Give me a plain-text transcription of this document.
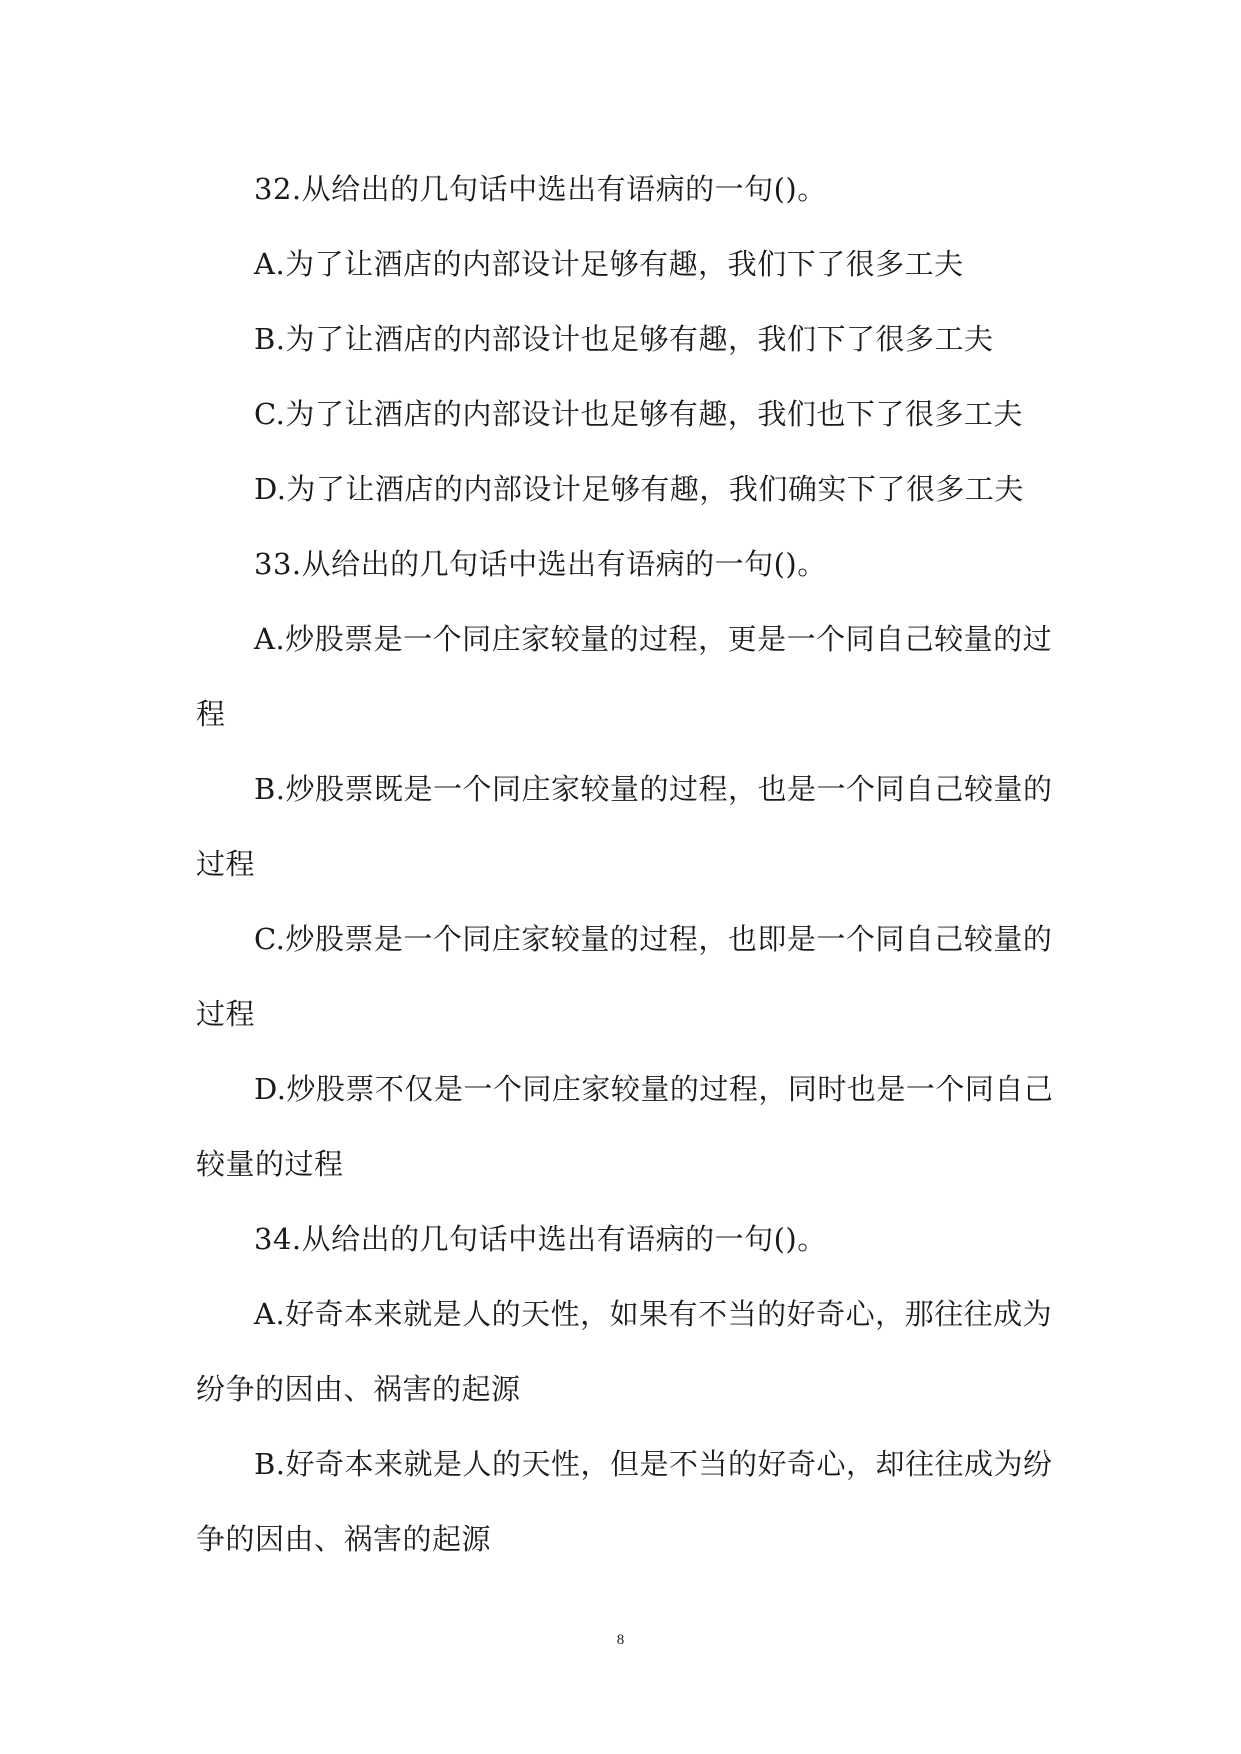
32.从给出的几句话中选出有语病的一句()。

A.为了让酒店的内部设计足够有趣，我们下了很多工夫

B.为了让酒店的内部设计也足够有趣，我们下了很多工夫

C.为了让酒店的内部设计也足够有趣，我们也下了很多工夫

D.为了让酒店的内部设计足够有趣，我们确实下了很多工夫

33.从给出的几句话中选出有语病的一句()。

A.炒股票是一个同庄家较量的过程，更是一个同自己较量的过

程

B.炒股票既是一个同庄家较量的过程，也是一个同自己较量的

过程

C.炒股票是一个同庄家较量的过程，也即是一个同自己较量的

过程

D.炒股票不仅是一个同庄家较量的过程，同时也是一个同自己

较量的过程

34.从给出的几句话中选出有语病的一句()。

A.好奇本来就是人的天性，如果有不当的好奇心，那往往成为

纷争的因由、祸害的起源

B.好奇本来就是人的天性，但是不当的好奇心，却往往成为纷

争的因由、祸害的起源

8
